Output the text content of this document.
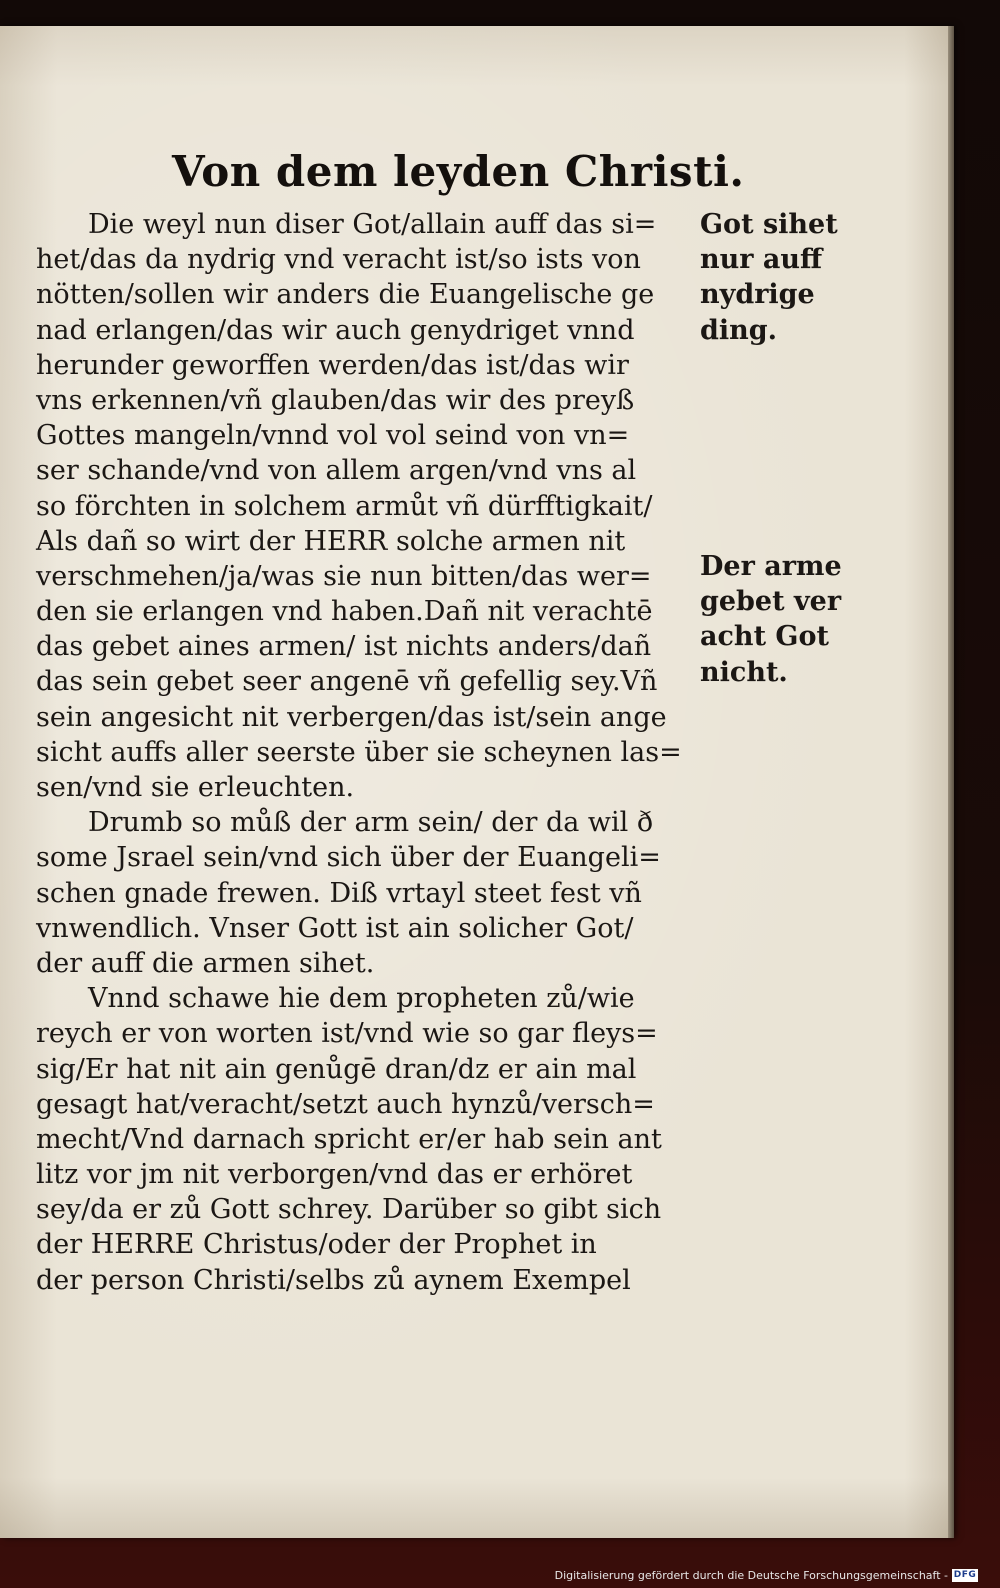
Von dem leyden Christi.
Die weyl nun diser Got/allain auff das si=
het/das da nydrig vnd veracht ist/so ists von
nötten/sollen wir anders die Euangelische ge
nad erlangen/das wir auch genydriget vnnd
herunder geworffen werden/das ist/das wir
vns erkennen/vñ glauben/das wir des preyß
Gottes mangeln/vnnd vol vol seind von vn=
ser schande/vnd von allem argen/vnd vns al
so förchten in solchem armůt vñ dürfftigkait/
Als dañ so wirt der HERR solche armen nit
verschmehen/ja/was sie nun bitten/das wer=
den sie erlangen vnd haben.Dañ nit verachtē
das gebet aines armen/ ist nichts anders/dañ
das sein gebet seer angenē vñ gefellig sey.Vñ
sein angesicht nit verbergen/das ist/sein ange
sicht auffs aller seerste über sie scheynen las=
sen/vnd sie erleuchten.
Drumb so můß der arm sein/ der da wil ð
some Jsrael sein/vnd sich über der Euangeli=
schen gnade frewen. Diß vrtayl steet fest vñ
vnwendlich. Vnser Gott ist ain solicher Got/
der auff die armen sihet.
Vnnd schawe hie dem propheten zů/wie
reych er von worten ist/vnd wie so gar fleys=
sig/Er hat nit ain genůgē dran/dz er ain mal
gesagt hat/veracht/setzt auch hynzů/versch=
mecht/Vnd darnach spricht er/er hab sein ant
litz vor jm nit verborgen/vnd das er erhöret
sey/da er zů Gott schrey. Darüber so gibt sich
der HERRE Christus/oder der Prophet in
der person Christi/selbs zů aynem Exempel
Got sihet
nur auff
nydrige
ding.
Der arme
gebet ver
acht Got
nicht.
Digitalisierung gefördert durch die Deutsche Forschungsgemeinschaft - DFG
